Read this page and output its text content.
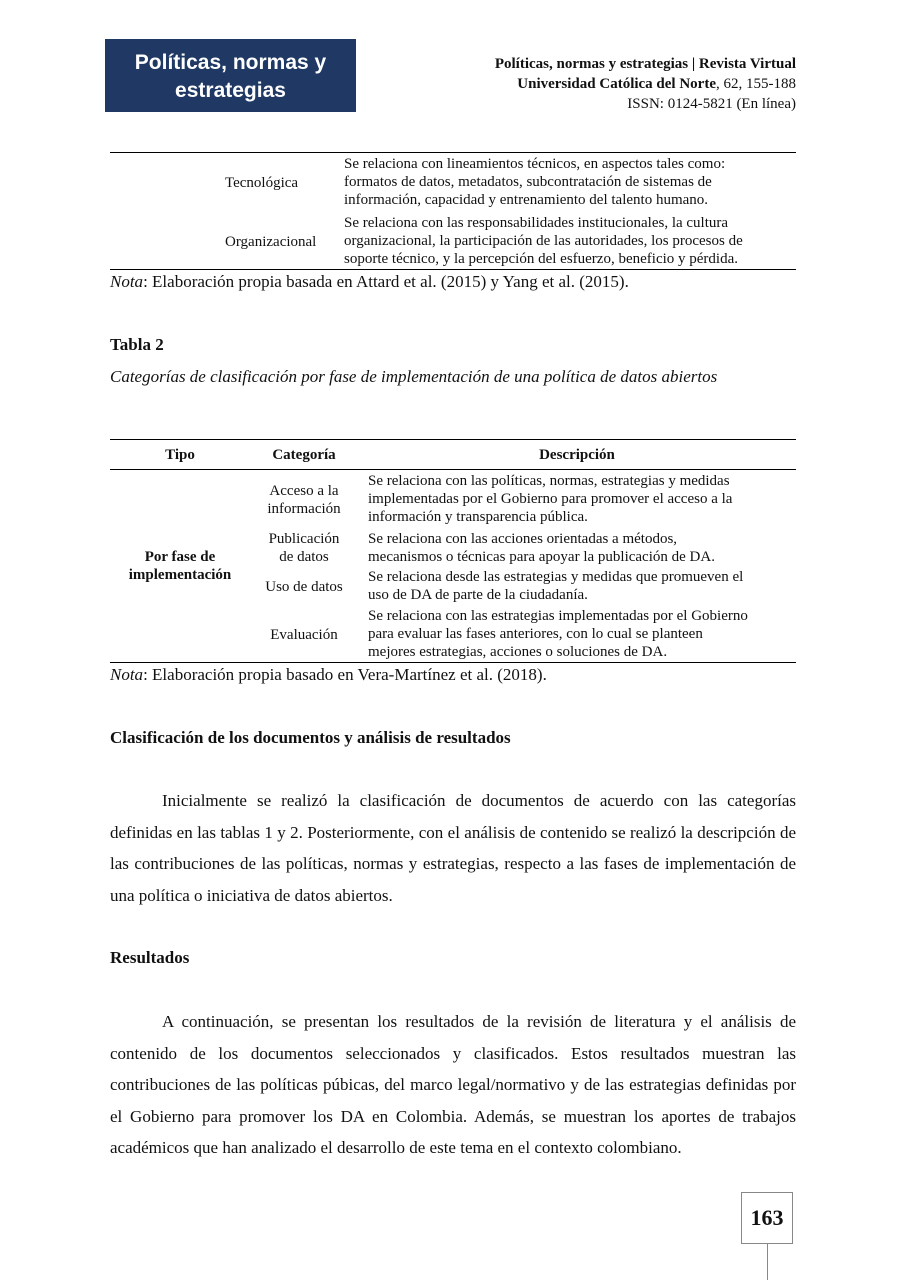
Políticas, normas y
estrategias
Políticas, normas y estrategias | Revista Virtual
Universidad Católica del Norte, 62, 155-188
ISSN: 0124-5821 (En línea)
Tecnológica
Se relaciona con lineamientos técnicos, en aspectos tales como:
formatos de datos, metadatos, subcontratación de sistemas de
información, capacidad y entrenamiento del talento humano.
Organizacional
Se relaciona con las responsabilidades institucionales, la cultura
organizacional, la participación de las autoridades, los procesos de
soporte técnico, y la percepción del esfuerzo, beneficio y pérdida.
Nota: Elaboración propia basada en Attard et al. (2015) y Yang et al. (2015).
Tabla 2
Categorías de clasificación por fase de implementación de una política de datos abiertos
Tipo	Categoría	Descripción
Por fase de
implementación
Acceso a la
información
Se relaciona con las políticas, normas, estrategias y medidas
implementadas por el Gobierno para promover el acceso a la
información y transparencia pública.
Publicación
de datos
Se relaciona con las acciones orientadas a métodos,
mecanismos o técnicas para apoyar la publicación de DA.
Uso de datos
Se relaciona desde las estrategias y medidas que promueven el
uso de DA de parte de la ciudadanía.
Evaluación
Se relaciona con las estrategias implementadas por el Gobierno
para evaluar las fases anteriores, con lo cual se planteen
mejores estrategias, acciones o soluciones de DA.
Nota: Elaboración propia basado en Vera-Martínez et al. (2018).
Clasificación de los documentos y análisis de resultados
Inicialmente se realizó la clasificación de documentos de acuerdo con las categorías definidas en las tablas 1 y 2. Posteriormente, con el análisis de contenido se realizó la descripción de las contribuciones de las políticas, normas y estrategias, respecto a las fases de implementación de una política o iniciativa de datos abiertos.
Resultados
A continuación, se presentan los resultados de la revisión de literatura y el análisis de contenido de los documentos seleccionados y clasificados. Estos resultados muestran las contribuciones de las políticas púbicas, del marco legal/normativo y de las estrategias definidas por el Gobierno para promover los DA en Colombia. Además, se muestran los aportes de trabajos académicos que han analizado el desarrollo de este tema en el contexto colombiano.
163
